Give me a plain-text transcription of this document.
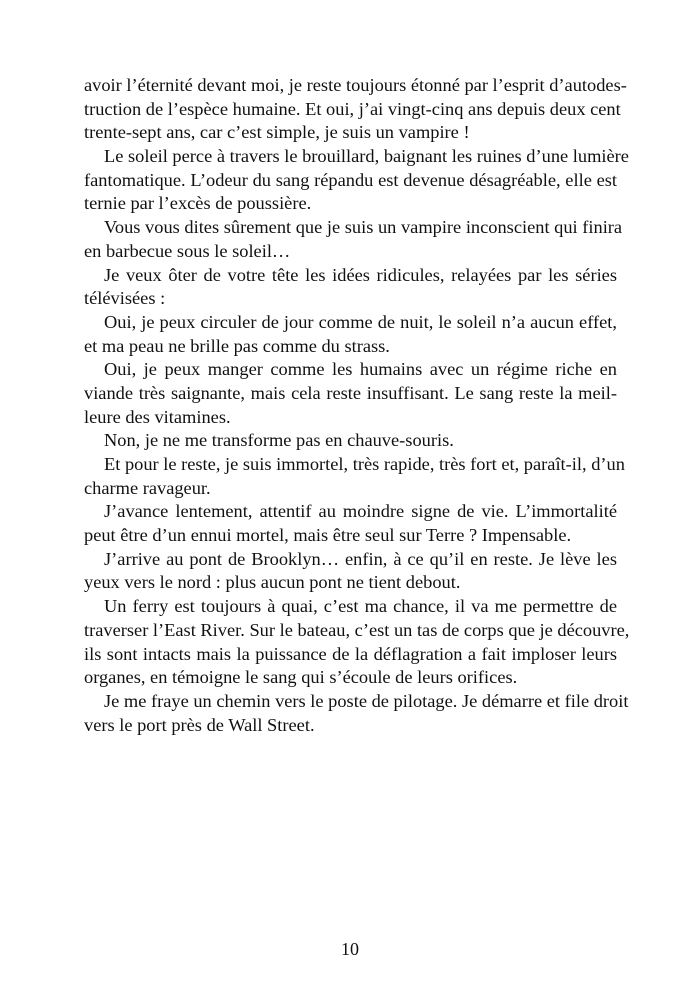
avoir l’éternité devant moi, je reste toujours étonné par l’esprit d’autodes-
truction de l’espèce humaine. Et oui, j’ai vingt-cinq ans depuis deux cent
trente-sept ans, car c’est simple, je suis un vampire !
Le soleil perce à travers le brouillard, baignant les ruines d’une lumière
fantomatique. L’odeur du sang répandu est devenue désagréable, elle est
ternie par l’excès de poussière.
Vous vous dites sûrement que je suis un vampire inconscient qui finira
en barbecue sous le soleil…
Je veux ôter de votre tête les idées ridicules, relayées par les séries
télévisées :
Oui, je peux circuler de jour comme de nuit, le soleil n’a aucun effet,
et ma peau ne brille pas comme du strass.
Oui, je peux manger comme les humains avec un régime riche en
viande très saignante, mais cela reste insuffisant. Le sang reste la meil-
leure des vitamines.
Non, je ne me transforme pas en chauve-souris.
Et pour le reste, je suis immortel, très rapide, très fort et, paraît-il, d’un
charme ravageur.
J’avance lentement, attentif au moindre signe de vie. L’immortalité
peut être d’un ennui mortel, mais être seul sur Terre ? Impensable.
J’arrive au pont de Brooklyn… enfin, à ce qu’il en reste. Je lève les
yeux vers le nord : plus aucun pont ne tient debout.
Un ferry est toujours à quai, c’est ma chance, il va me permettre de
traverser l’East River. Sur le bateau, c’est un tas de corps que je découvre,
ils sont intacts mais la puissance de la déflagration a fait imploser leurs
organes, en témoigne le sang qui s’écoule de leurs orifices.
Je me fraye un chemin vers le poste de pilotage. Je démarre et file droit
vers le port près de Wall Street.
10
